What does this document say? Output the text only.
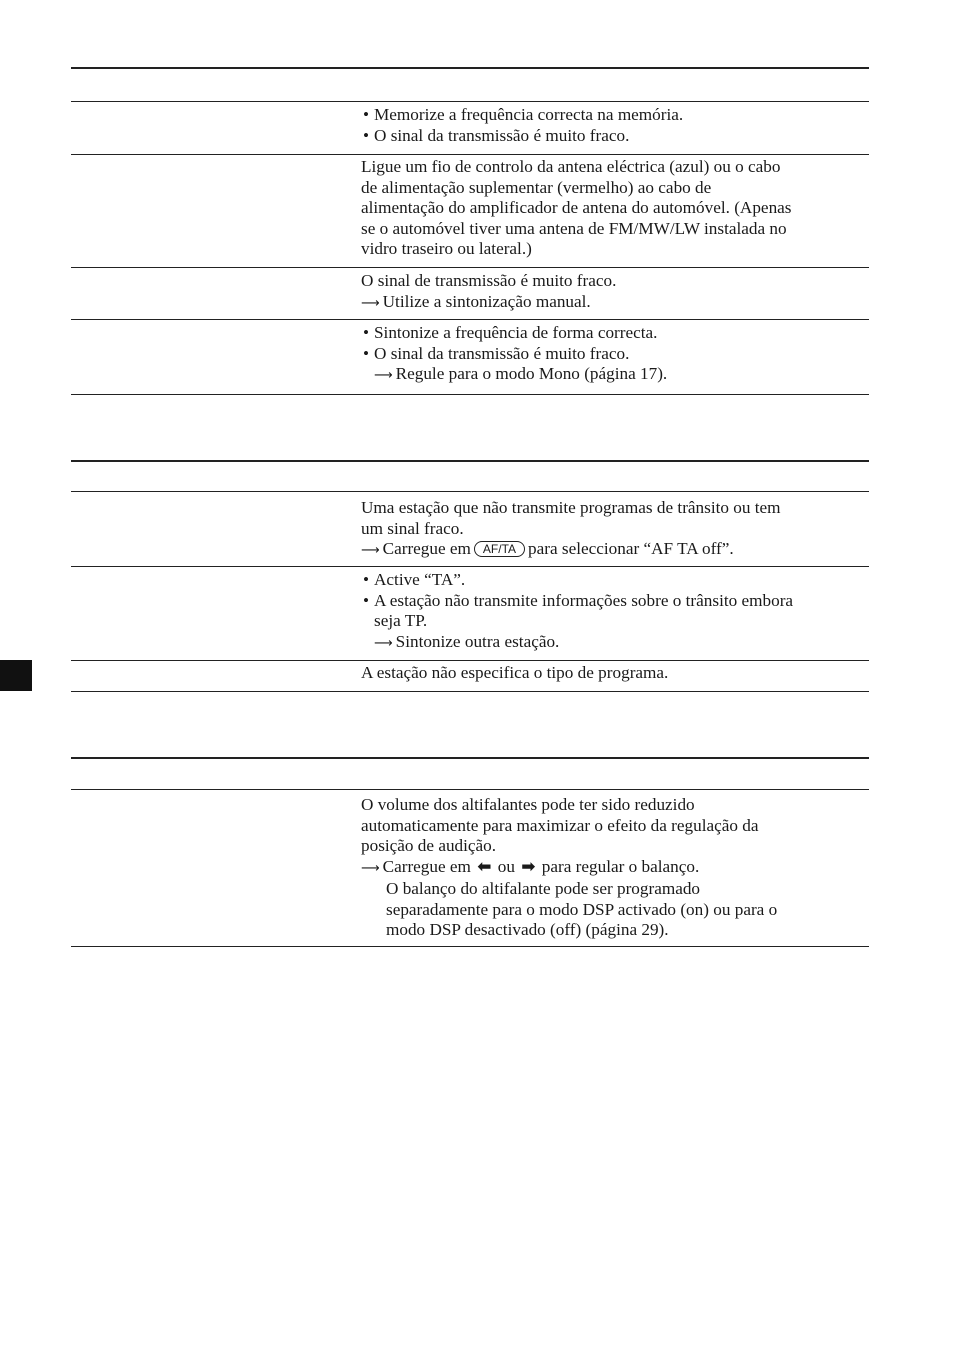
• Memorize a frequência correcta na memória.
• O sinal da transmissão é muito fraco.
Ligue um fio de controlo da antena eléctrica (azul) ou o cabo
de alimentação suplementar (vermelho) ao cabo de
alimentação do amplificador de antena do automóvel. (Apenas
se o automóvel tiver uma antena de FM/MW/LW instalada no
vidro traseiro ou lateral.)
O sinal de transmissão é muito fraco.
⟶ Utilize a sintonização manual.
• Sintonize a frequência de forma correcta.
• O sinal da transmissão é muito fraco.
⟶ Regule para o modo Mono (página 17).
Uma estação que não transmite programas de trânsito ou tem
um sinal fraco.
⟶ Carregue em AF/TA para seleccionar “AF TA off”.
• Active “TA”.
• A estação não transmite informações sobre o trânsito embora
seja TP.
⟶ Sintonize outra estação.
A estação não especifica o tipo de programa.
O volume dos altifalantes pode ter sido reduzido
automaticamente para maximizar o efeito da regulação da
posição de audição.
⟶ Carregue em ⬅ ou ➡ para regular o balanço.
O balanço do altifalante pode ser programado
separadamente para o modo DSP activado (on) ou para o
modo DSP desactivado (off) (página 29).
